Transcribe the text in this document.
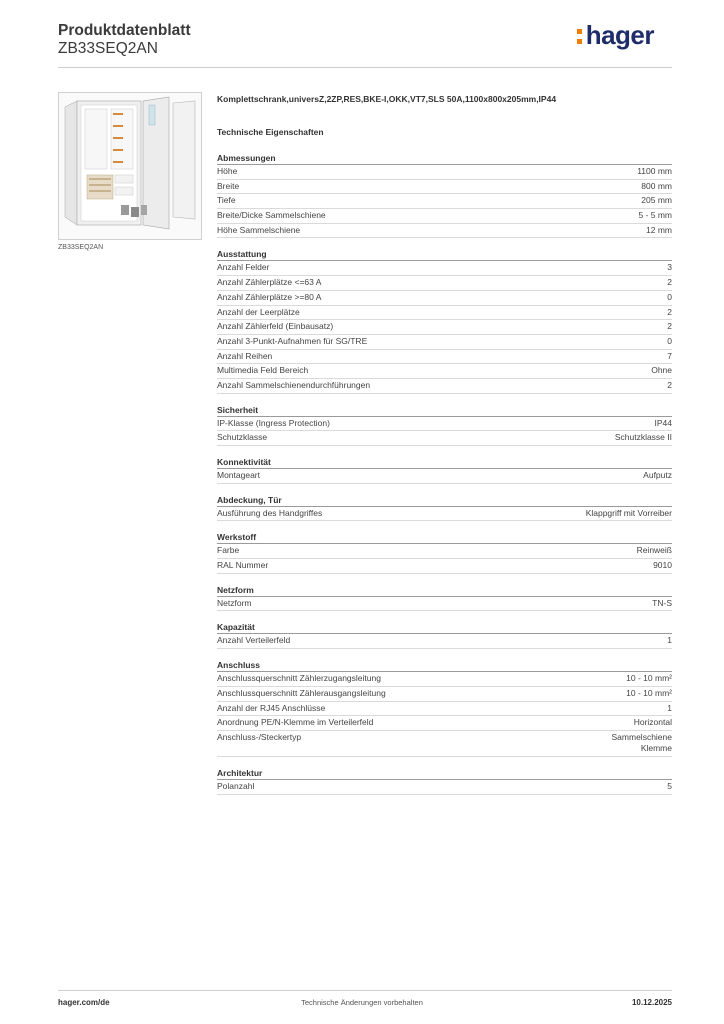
Produktdatenblatt
ZB33SEQ2AN	hager
ZB33SEQ2AN
Komplettschrank,universZ,2ZP,RES,BKE-I,OKK,VT7,SLS 50A,1100x800x205mm,IP44
Technische Eigenschaften
Abmessungen
Höhe	1100 mm
Breite	800 mm
Tiefe	205 mm
Breite/Dicke Sammelschiene	5 - 5 mm
Höhe Sammelschiene	12 mm
Ausstattung
Anzahl Felder	3
Anzahl Zählerplätze <=63 A	2
Anzahl Zählerplätze >=80 A	0
Anzahl der Leerplätze	2
Anzahl Zählerfeld (Einbausatz)	2
Anzahl 3-Punkt-Aufnahmen für SG/TRE	0
Anzahl Reihen	7
Multimedia Feld Bereich	Ohne
Anzahl Sammelschienendurchführungen	2
Sicherheit
IP-Klasse (Ingress Protection)	IP44
Schutzklasse	Schutzklasse II
Konnektivität
Montageart	Aufputz
Abdeckung, Tür
Ausführung des Handgriffes	Klappgriff mit Vorreiber
Werkstoff
Farbe	Reinweiß
RAL Nummer	9010
Netzform
Netzform	TN-S
Kapazität
Anzahl Verteilerfeld	1
Anschluss
Anschlussquerschnitt Zählerzugangsleitung	10 - 10 mm²
Anschlussquerschnitt Zählerausgangsleitung	10 - 10 mm²
Anzahl der RJ45 Anschlüsse	1
Anordnung PE/N-Klemme im Verteilerfeld	Horizontal
Anschluss-/Steckertyp	Sammelschiene
Klemme
Architektur
Polanzahl	5
hager.com/de	Technische Änderungen vorbehalten	10.12.2025
